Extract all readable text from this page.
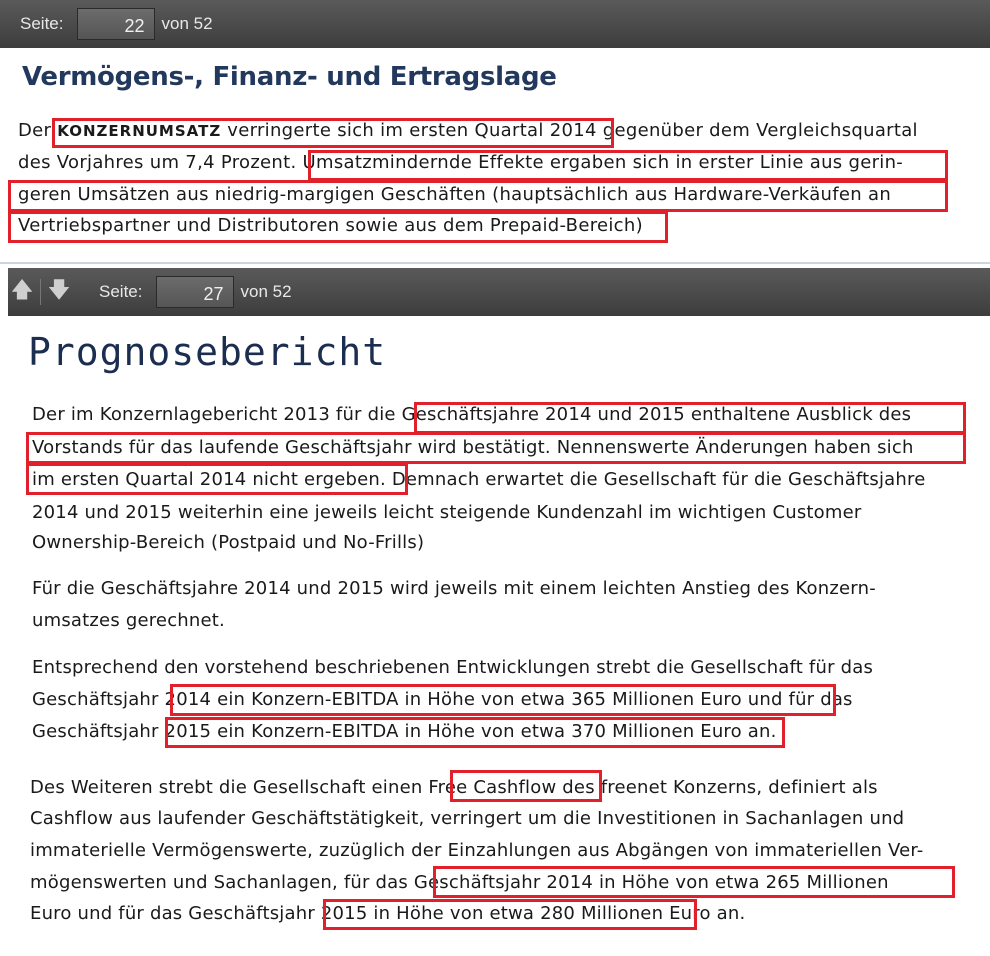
Seite:	22	von 52
Vermögens-, Finanz- und Ertragslage
Der KONZERNUMSATZ verringerte sich im ersten Quartal 2014 gegenüber dem Vergleichsquartal
des Vorjahres um 7,4 Prozent. Umsatzmindernde Effekte ergaben sich in erster Linie aus gerin-
geren Umsätzen aus niedrig-margigen Geschäften (hauptsächlich aus Hardware-Verkäufen an
Vertriebspartner und Distributoren sowie aus dem Prepaid-Bereich)
🡅 🡇 Seite:	27	von 52
Prognosebericht
Der im Konzernlagebericht 2013 für die Geschäftsjahre 2014 und 2015 enthaltene Ausblick des
Vorstands für das laufende Geschäftsjahr wird bestätigt. Nennenswerte Änderungen haben sich
im ersten Quartal 2014 nicht ergeben. Demnach erwartet die Gesellschaft für die Geschäftsjahre
2014 und 2015 weiterhin eine jeweils leicht steigende Kundenzahl im wichtigen Customer
Ownership-Bereich (Postpaid und No-Frills)
Für die Geschäftsjahre 2014 und 2015 wird jeweils mit einem leichten Anstieg des Konzern-
umsatzes gerechnet.
Entsprechend den vorstehend beschriebenen Entwicklungen strebt die Gesellschaft für das
Geschäftsjahr 2014 ein Konzern-EBITDA in Höhe von etwa 365 Millionen Euro und für das
Geschäftsjahr 2015 ein Konzern-EBITDA in Höhe von etwa 370 Millionen Euro an.
Des Weiteren strebt die Gesellschaft einen Free Cashflow des freenet Konzerns, definiert als
Cashflow aus laufender Geschäftstätigkeit, verringert um die Investitionen in Sachanlagen und
immaterielle Vermögenswerte, zuzüglich der Einzahlungen aus Abgängen von immateriellen Ver-
mögenswerten und Sachanlagen, für das Geschäftsjahr 2014 in Höhe von etwa 265 Millionen
Euro und für das Geschäftsjahr 2015 in Höhe von etwa 280 Millionen Euro an.
